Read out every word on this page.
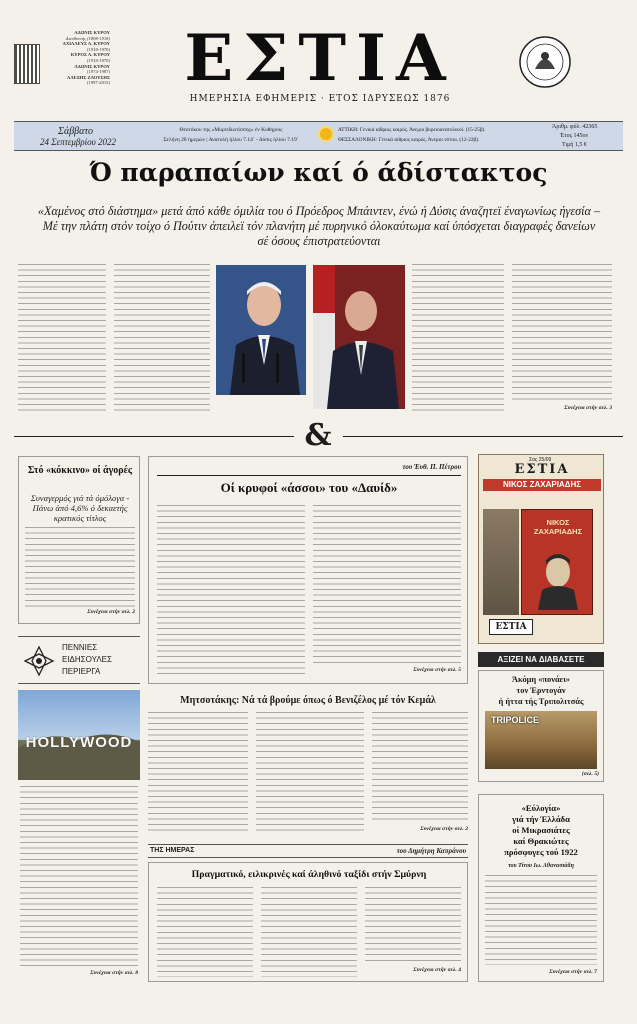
ΑΔΩΝΙΣ ΚΥΡΟΥ
Διευθυντής (1898-1918)
ΑΧΙΛΛΕΥΣ Α. ΚΥΡΟΥ
(1918-1970)
ΚΥΡΟΣ Α. ΚΥΡΟΥ
(1918-1970)
ΑΔΩΝΙΣ ΚΥΡΟΥ
(1974-1987)
ΑΛΕΞΗΣ ΖΑΟΥΣΗΣ
(1997-2015)	ΕΣΤΙΑ
ΗΜΕΡΗΣΙΑ ΕΦΗΜΕΡΙΣ · ΕΤΟΣ ΙΔΡΥΣΕΩΣ 1876
Σάββατο
24 Σεπτεμβρίου 2022
Θεοτόκου της «Μυρτιδιωτίσσης» έν Κυθήροις
Σελήνη 28 ήμερών | Ανατολή ήλίου 7.14΄ - Δύσις ήλίου 7.19΄
ΑΤΤΙΚΗ: Γενικά αίθριος καιρός. Άνεμοι βορειοανατολικοί. (15-25β).
ΘΕΣΣΑΛΟΝΙΚΗ: Γενικά αίθριος καιρός. Άνεμοι νότιοι. (12-22β).
Άριθμ. φύλ. 42365
Έτος 145ον
Τιμή 1,5 €
Ό παραπαίων καί ό άδίστακτος
«Χαμένος στό διάστημα» μετά άπό κάθε όμιλία του ό Πρόεδρος Μπάιντεν, ένώ ή Δύσις άναζητεϊ έναγωνίως ήγεσία – Μέ την πλάτη στόν τοίχο ό Πούτιν άπειλεϊ τόν πλανήτη μέ πυρηνικό όλοκαύτωμα καί ύπόσχεται διαγραφές δανείων σέ όσους έπιστρατεύονται
Συνέχεια στήν σελ. 3
&
Στό «κόκκινο» οί άγορές
Συναγερμός γιά τά όμόλογα - Πάνω άπό 4,6% ό δεκαετής κρατικός τίτλος
Συνέχεια στήν σελ. 2
ΠΕΝΝΙΕΣ
ΕΙΔΗΣΟΥΛΕΣ
ΠΕΡΙΕΡΓΑ
HOLLYWOOD
Συνέχεια στήν σελ. 8
του Έυθ. Π. Πέτρου
Οί κρυφοί «άσσοι» του «Δαυίδ»
Συνέχεια στήν σελ. 5
Σας 25/09
ΕΣΤΙΑ
ΝΙΚΟΣ ΖΑΧΑΡΙΑΔΗΣ
ΝΙΚΟΣ ΖΑΧΑΡΙΑΔΗΣ
ΕΣΤΙΑ
ΑΞΙΖΕΙ ΝΑ ΔΙΑΒΑΣΕΤΕ
Άκόμη «πονάει»
τον Έρντογάν
ή ήττα τής Τριπολιτσάς
TRIPOLICE
(σελ. 5)
Μητσοτάκης: Νά τά βρούμε όπως ό Βενιζέλος μέ τόν Κεμάλ
Συνέχεια στήν σελ. 2
ΤΗΣ ΗΜΕΡΑΣ	του Δημήτρη Καπράνου
Πραγματικό, ειλικρινές καί άληθινό ταξίδι στήν Σμύρνη
Συνέχεια στήν σελ. 4
«Εύλογία»
γιά τήν Έλλάδα
οί Μικρασιάτες
καί Θρακιώτες
πρόσφυγες τού 1922
του Τίτου Ιω. Αθανασιάδη
Συνέχεια στήν σελ. 7
